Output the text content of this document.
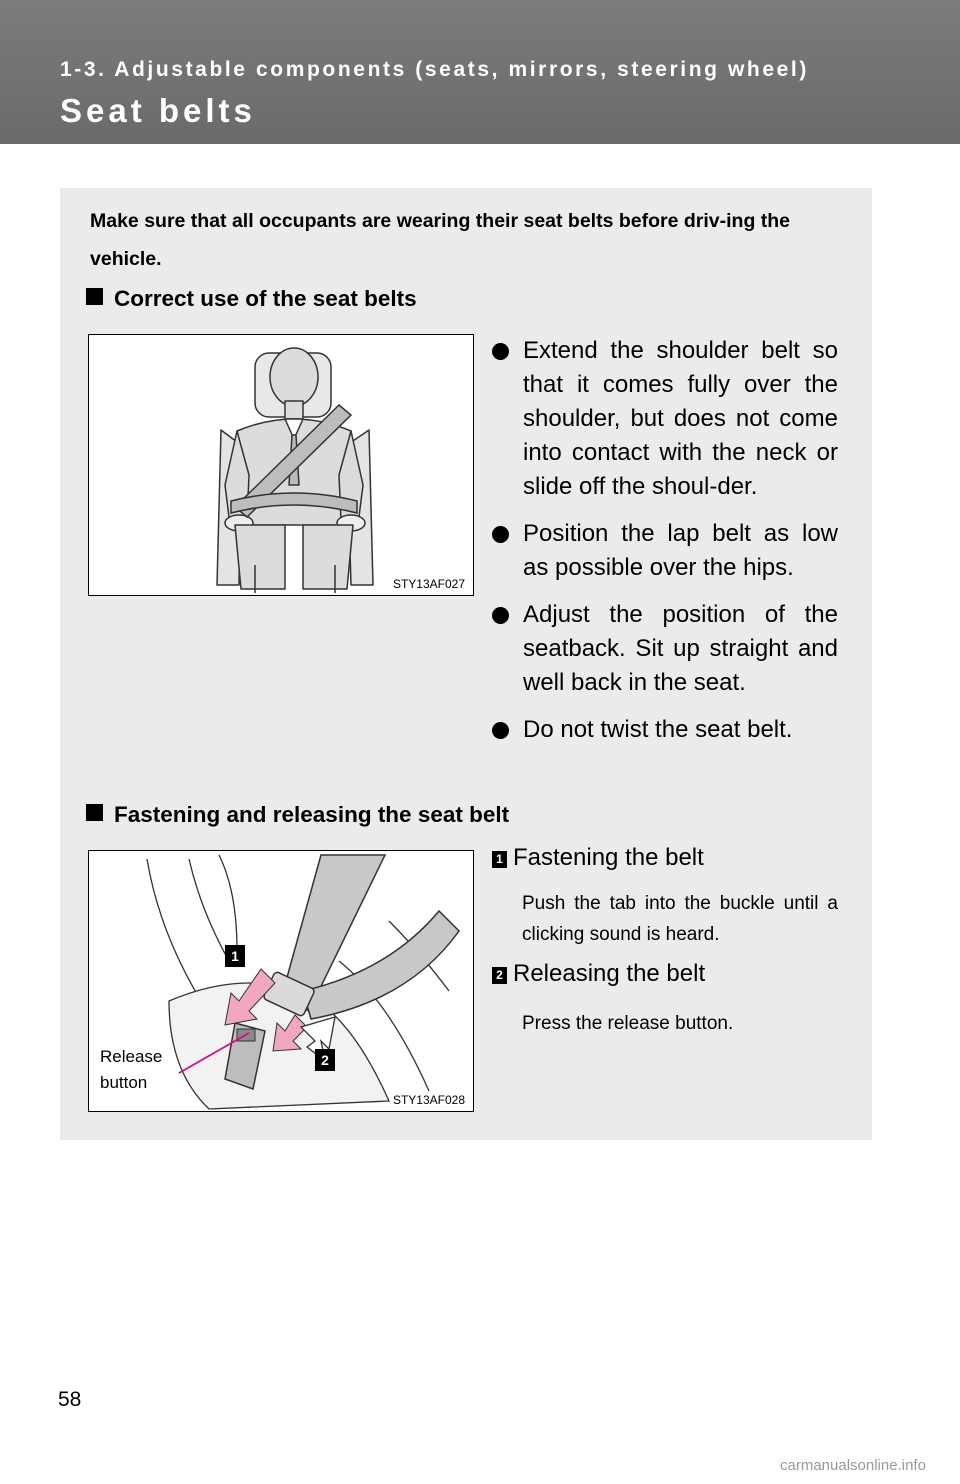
1-3. Adjustable components (seats, mirrors, steering wheel)
Seat belts
Make sure that all occupants are wearing their seat belts before driv-ing the vehicle.
Correct use of the seat belts
STY13AF027
Extend the shoulder belt so that it comes fully over the shoulder, but does not come into contact with the neck or slide off the shoul-der.
Position the lap belt as low as possible over the hips.
Adjust the position of the seatback. Sit up straight and well back in the seat.
Do not twist the seat belt.
Fastening and releasing the seat belt
1
2
STY13AF028
Release button
1 Fastening the belt
Push the tab into the buckle until a clicking sound is heard.
2 Releasing the belt
Press the release button.
58
carmanualsonline.info
